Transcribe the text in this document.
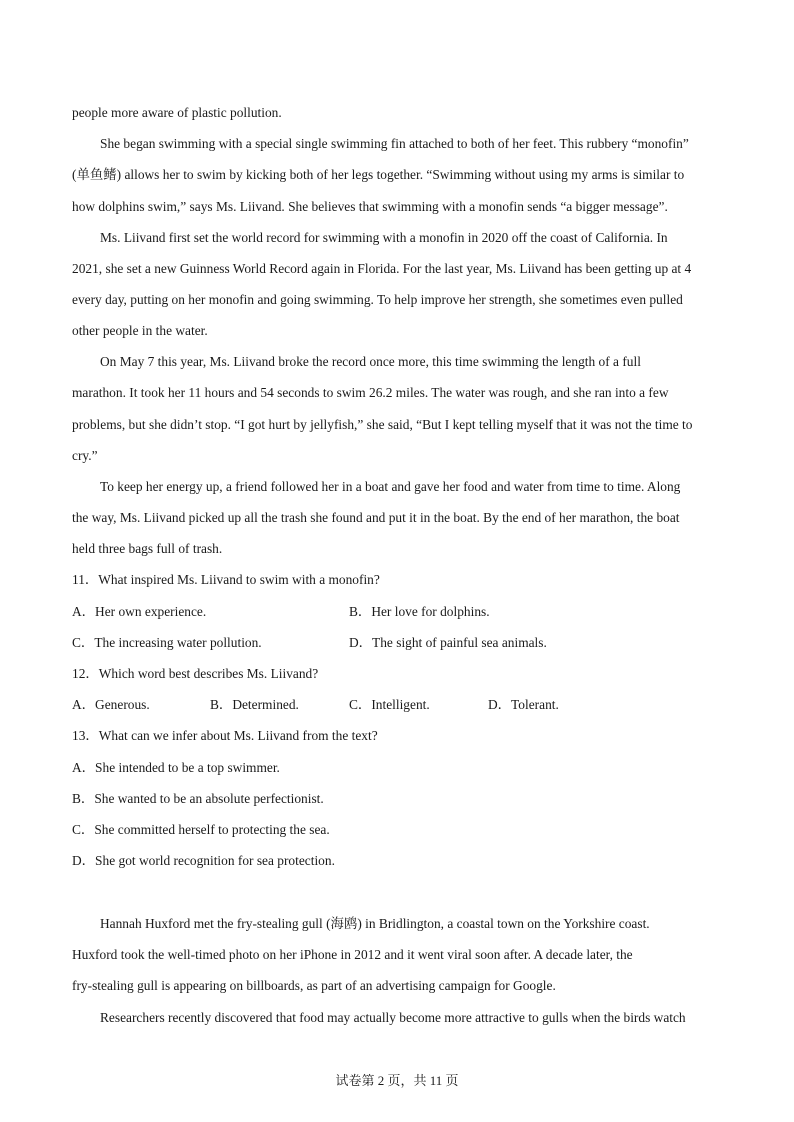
people more aware of plastic pollution.
She began swimming with a special single swimming fin attached to both of her feet. This rubbery “monofin”
(单鱼鳍) allows her to swim by kicking both of her legs together. “Swimming without using my arms is similar to
how dolphins swim,” says Ms. Liivand. She believes that swimming with a monofin sends “a bigger message”.
Ms. Liivand first set the world record for swimming with a monofin in 2020 off the coast of California. In
2021, she set a new Guinness World Record again in Florida. For the last year, Ms. Liivand has been getting up at 4
every day, putting on her monofin and going swimming. To help improve her strength, she sometimes even pulled
other people in the water.
On May 7 this year, Ms. Liivand broke the record once more, this time swimming the length of a full
marathon. It took her 11 hours and 54 seconds to swim 26.2 miles. The water was rough, and she ran into a few
problems, but she didn’t stop. “I got hurt by jellyfish,” she said, “But I kept telling myself that it was not the time to
cry.”
To keep her energy up, a friend followed her in a boat and gave her food and water from time to time. Along
the way, Ms. Liivand picked up all the trash she found and put it in the boat. By the end of her marathon, the boat
held three bags full of trash.
11．What inspired Ms. Liivand to swim with a monofin?
A．Her own experience.	B．Her love for dolphins.
C．The increasing water pollution.	D．The sight of painful sea animals.
12．Which word best describes Ms. Liivand?
A．Generous.	B．Determined.	C．Intelligent.	D．Tolerant.
13．What can we infer about Ms. Liivand from the text?
A．She intended to be a top swimmer.
B．She wanted to be an absolute perfectionist.
C．She committed herself to protecting the sea.
D．She got world recognition for sea protection.
Hannah Huxford met the fry-stealing gull (海鸥) in Bridlington, a coastal town on the Yorkshire coast.
Huxford took the well-timed photo on her iPhone in 2012 and it went viral soon after. A decade later, the
fry-stealing gull is appearing on billboards, as part of an advertising campaign for Google.
Researchers recently discovered that food may actually become more attractive to gulls when the birds watch
试卷第 2 页，共 11 页
